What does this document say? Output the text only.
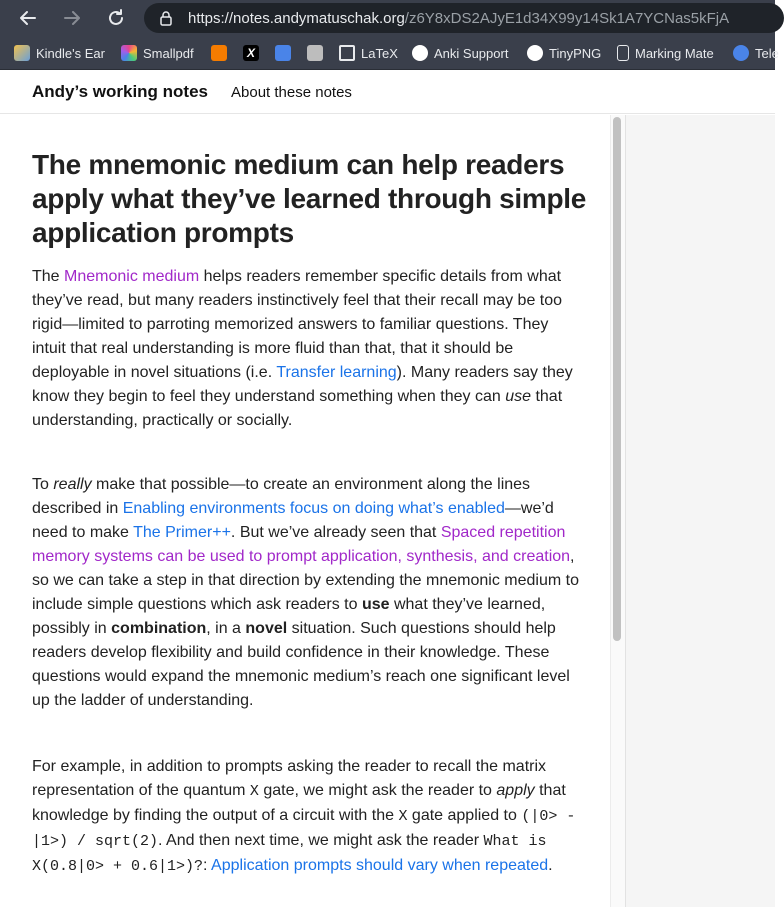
https://notes.andymatuschak.org/z6Y8xDS2AJyE1d34X99y14Sk1A7YCNas5kFjA
Kindle's Ear	Smallpdf	X	LaTeX	Anki Support	TinyPNG	Marking Mate	Tele
Andy’s working notes About these notes
The mnemonic medium can help readers apply what they’ve learned through simple application prompts

The Mnemonic medium helps readers remember specific details from what they’ve read, but many readers instinctively feel that their recall may be too rigid—limited to parroting memorized answers to familiar questions. They intuit that real understanding is more fluid than that, that it should be deployable in novel situations (i.e. Transfer learning). Many readers say they know they begin to feel they understand something when they can use that understanding, practically or socially.

To really make that possible—to create an environment along the lines described in Enabling environments focus on doing what’s enabled—we’d need to make The Primer++. But we’ve already seen that Spaced repetition memory systems can be used to prompt application, synthesis, and creation, so we can take a step in that direction by extending the mnemonic medium to include simple questions which ask readers to use what they’ve learned, possibly in combination, in a novel situation. Such questions should help readers develop flexibility and build confidence in their knowledge. These questions would expand the mnemonic medium’s reach one significant level up the ladder of understanding.

For example, in addition to prompts asking the reader to recall the matrix representation of the quantum X gate, we might ask the reader to apply that knowledge by finding the output of a circuit with the X gate applied to (|0> - |1>) / sqrt(2). And then next time, we might ask the reader What is X(0.8|0> + 0.6|1>)?: Application prompts should vary when repeated.
